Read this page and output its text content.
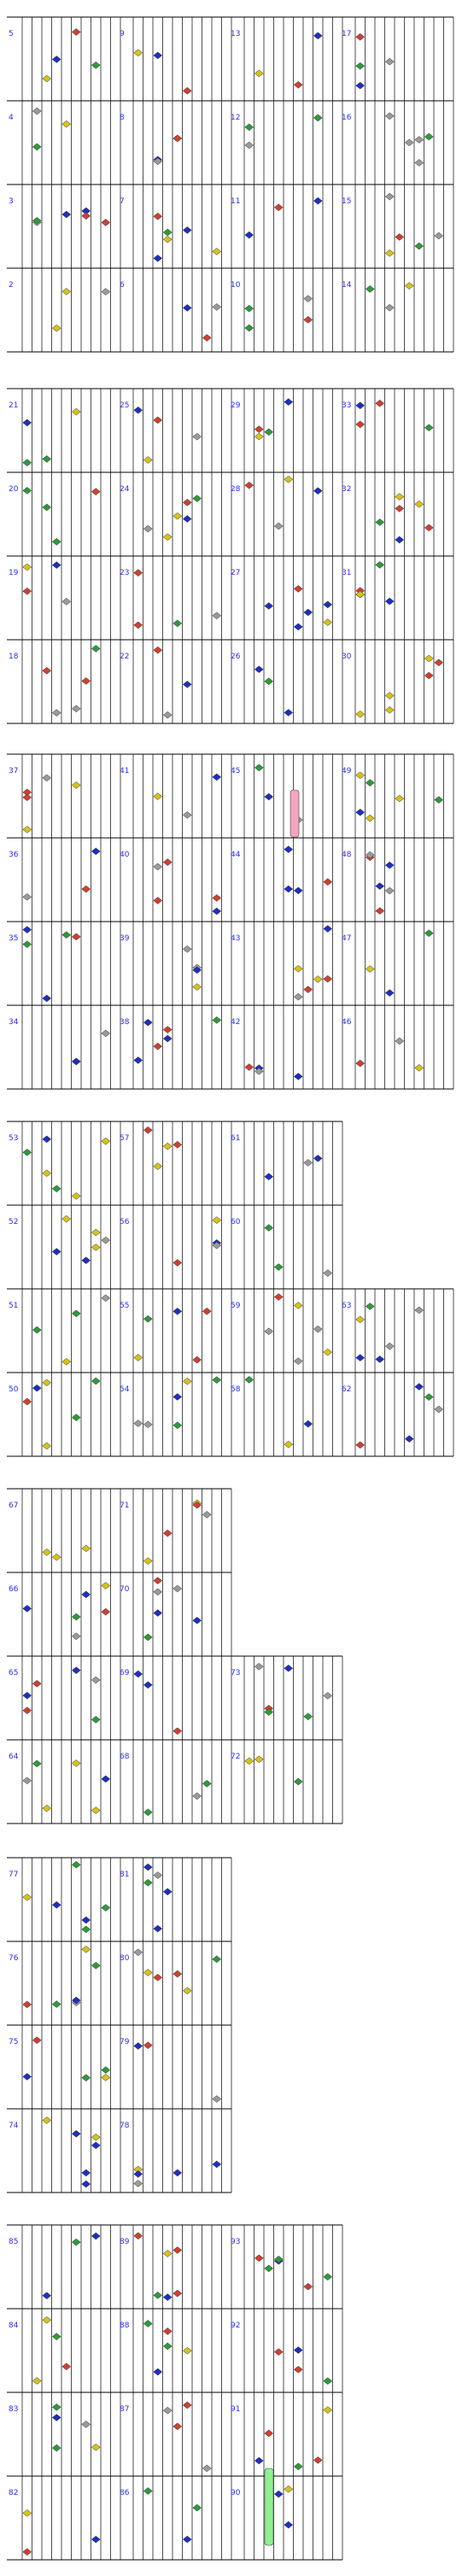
5
4
3
2
9
8
7
6
13
12
11
10
17
16
15
14
21
20
19
18
25
24
23
22
29
28
27
26
33
32
31
30
37
36
35
34
41
40
39
38
45
44
43
42
49
48
47
46
53
52
51
50
57
56
55
54
61
60
59
58
63
62
67
66
65
64
71
70
69
68
73
72
77
76
75
74
81
80
79
78
85
84
83
82
89
88
87
86
93
92
91
90
